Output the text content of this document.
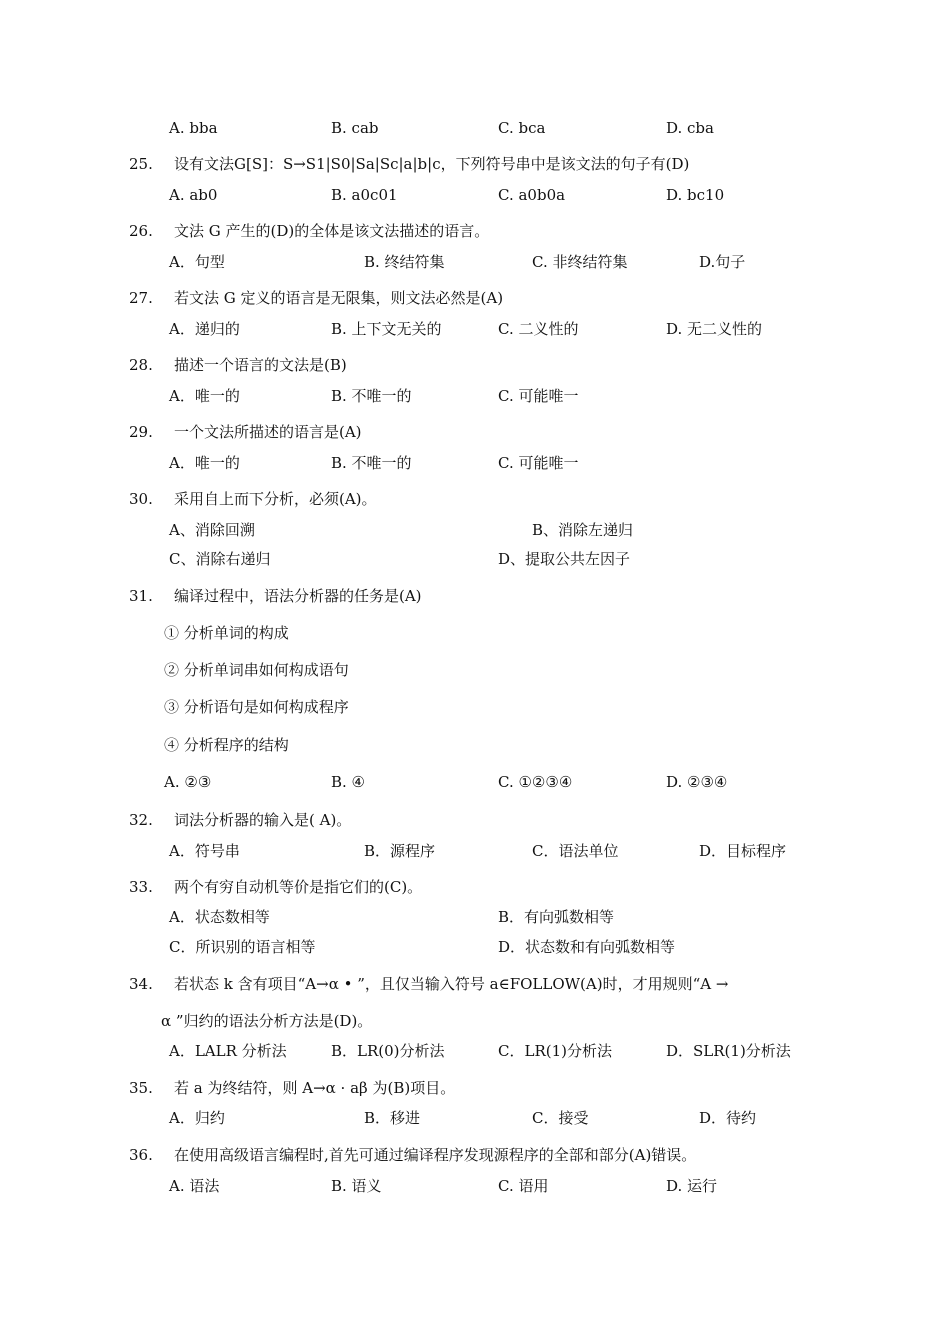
A. bba	B. cab	C. bca	D. cba
25. 设有文法G[S]：S→S1|S0|Sa|Sc|a|b|c，下列符号串中是该文法的句子有(D)
A. ab0	B. a0c01	C. a0b0a	D. bc10
26. 文法 G 产生的(D)的全体是该文法描述的语言。
A．句型	B. 终结符集	C. 非终结符集	D.句子
27. 若文法 G 定义的语言是无限集，则文法必然是(A)
A．递归的	B. 上下文无关的	C. 二义性的	D. 无二义性的
28. 描述一个语言的文法是(B)
A．唯一的	B. 不唯一的	C. 可能唯一
29. 一个文法所描述的语言是(A)
A．唯一的	B. 不唯一的	C. 可能唯一
30. 采用自上而下分析，必须(A)。
A、消除回溯	B、消除左递归
C、消除右递归	D、提取公共左因子
31. 编译过程中，语法分析器的任务是(A)
① 分析单词的构成
② 分析单词串如何构成语句
③ 分析语句是如何构成程序
④ 分析程序的结构
A. ②③	B. ④	C. ①②③④	D. ②③④
32. 词法分析器的输入是( A)。
A．符号串	B．源程序	C．语法单位	D．目标程序
33. 两个有穷自动机等价是指它们的(C)。
A．状态数相等	B．有向弧数相等
C．所识别的语言相等	D．状态数和有向弧数相等
34. 若状态 k 含有项目“A→α • ”，且仅当输入符号 a∈FOLLOW(A)时，才用规则“A →
α ”归约的语法分析方法是(D)。
A．LALR 分析法	B．LR(0)分析法	C．LR(1)分析法	D．SLR(1)分析法
35. 若 a 为终结符，则 A→α · aβ 为(B)项目。
A．归约	B．移进	C．接受	D．待约
36. 在使用高级语言编程时,首先可通过编译程序发现源程序的全部和部分(A)错误。
A. 语法	B. 语义	C. 语用	D. 运行
